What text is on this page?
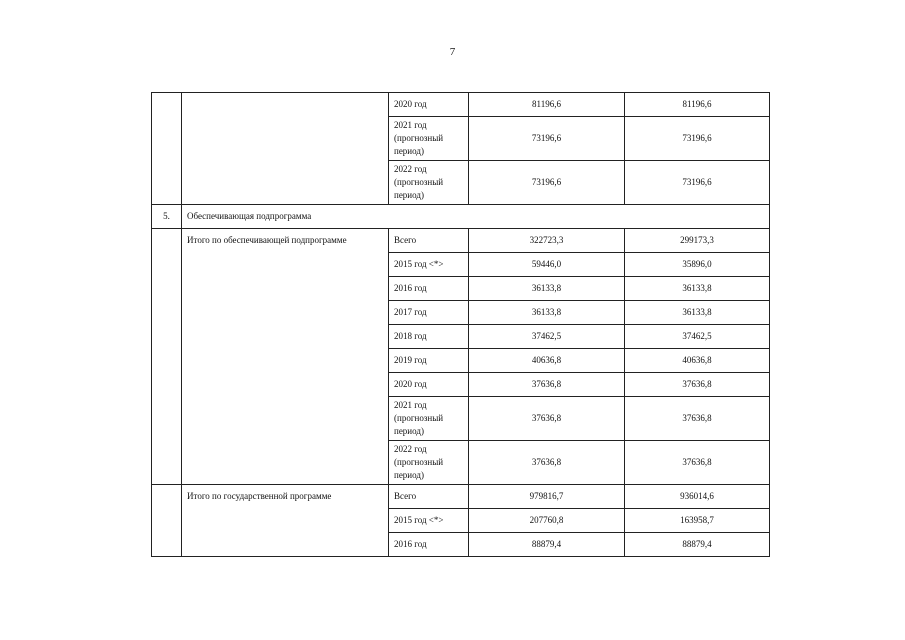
7
		2020 год	81196,6	81196,6
		2021 год (прогнозный период)	73196,6	73196,6
		2022 год (прогнозный период)	73196,6	73196,6
5.	Обеспечивающая подпрограмма			
	Итого по обеспечивающей подпрограмме	Всего	322723,3	299173,3
		2015 год <*>	59446,0	35896,0
		2016 год	36133,8	36133,8
		2017 год	36133,8	36133,8
		2018 год	37462,5	37462,5
		2019 год	40636,8	40636,8
		2020 год	37636,8	37636,8
		2021 год (прогнозный период)	37636,8	37636,8
		2022 год (прогнозный период)	37636,8	37636,8
	Итого по государственной программе	Всего	979816,7	936014,6
		2015 год <*>	207760,8	163958,7
		2016 год	88879,4	88879,4
